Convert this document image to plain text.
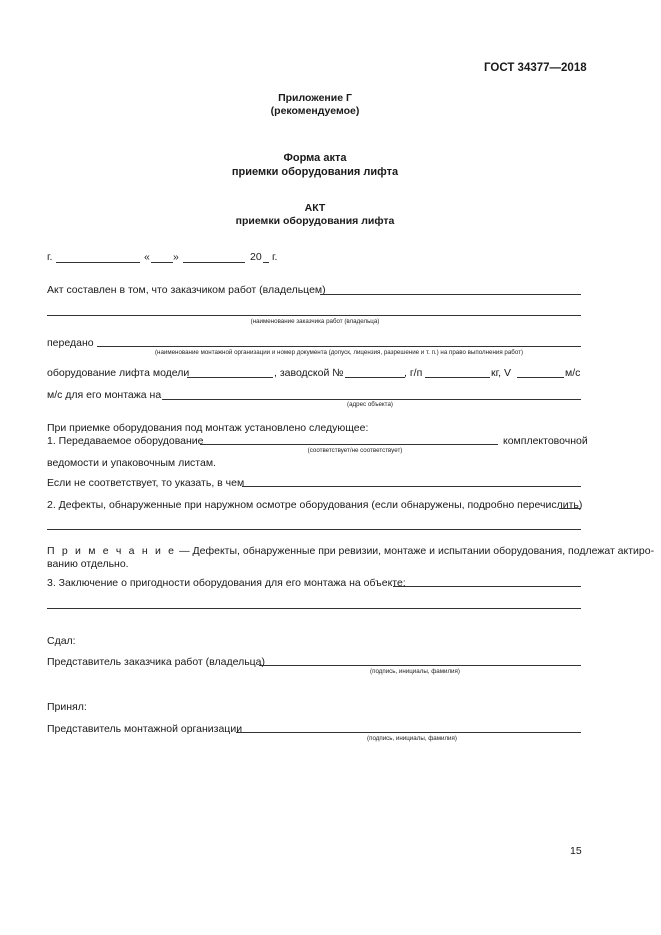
ГОСТ 34377—2018
Приложение Г
(рекомендуемое)
Форма акта
приемки оборудования лифта
АКТ
приемки оборудования лифта
г.	« »	20 г.
Акт составлен в том, что заказчиком работ (владельцем)
(наименование заказчика работ (владельца)
передано
(наименование монтажной организации и номер документа (допуск, лицензия, разрешение и т. п.) на право выполнения работ)
оборудование лифта модели	, заводской №	, г/п	кг, V	м/с
м/с для его монтажа на
(адрес объекта)
При приемке оборудования под монтаж установлено следующее:
1. Передаваемое оборудование	комплектовочной
(соответствует/не соответствует)
ведомости и упаковочным листам.
Если не соответствует, то указать, в чем
2. Дефекты, обнаруженные при наружном осмотре оборудования (если обнаружены, подробно перечислить)
П р и м е ч а н и е — Дефекты, обнаруженные при ревизии, монтаже и испытании оборудования, подлежат актиро-
ванию отдельно.
3. Заключение о пригодности оборудования для его монтажа на объекте:
Сдал:
Представитель заказчика работ (владельца)
(подпись, инициалы, фамилия)
Принял:
Представитель монтажной организации
(подпись, инициалы, фамилия)
15
